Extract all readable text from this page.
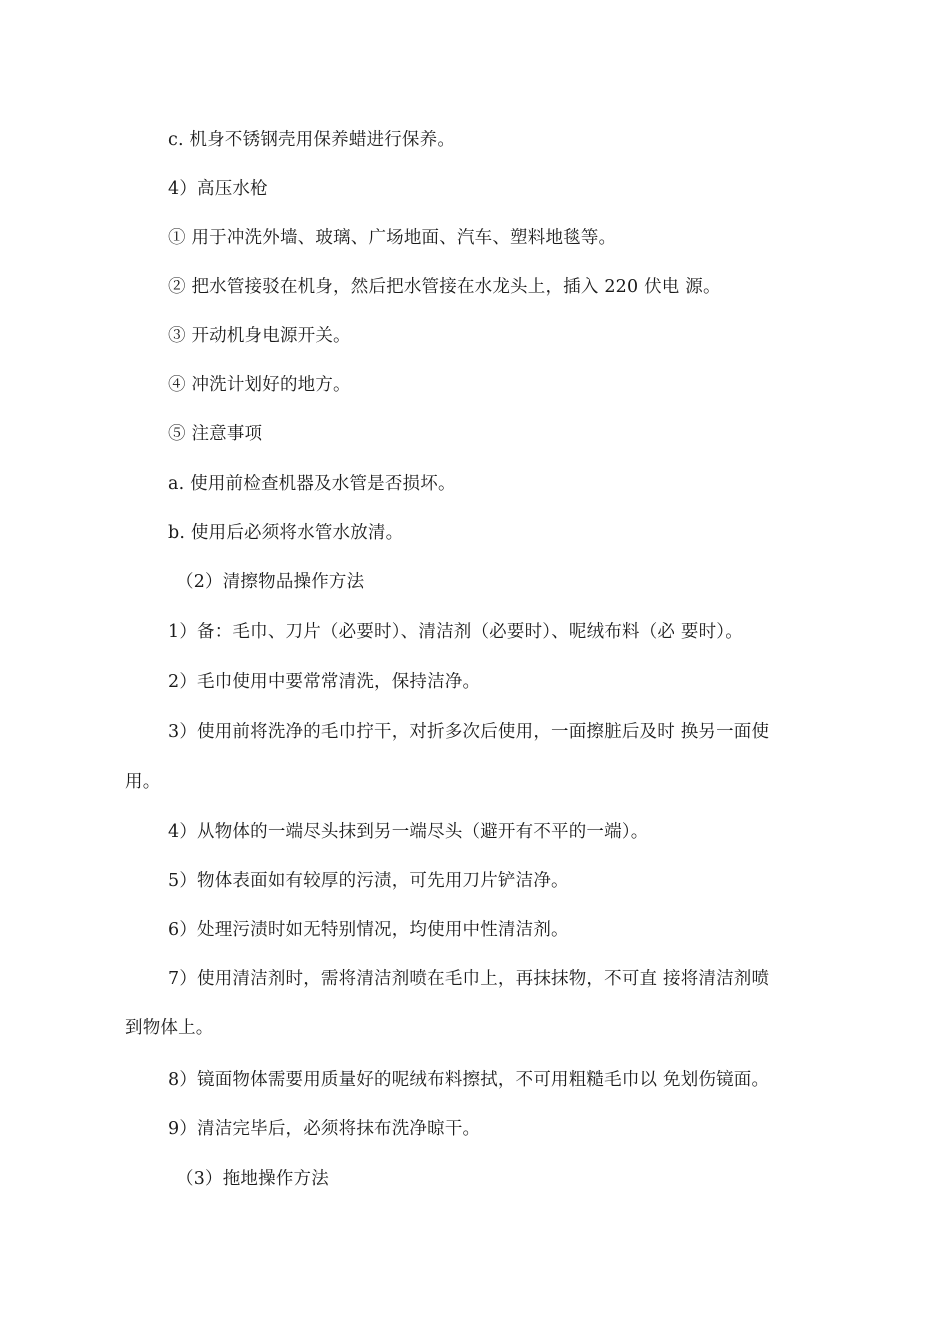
c. 机身不锈钢壳用保养蜡进行保养。
4）高压水枪
① 用于冲洗外墙、玻璃、广场地面、汽车、塑料地毯等。
② 把水管接驳在机身，然后把水管接在水龙头上，插入 220 伏电 源。
③ 开动机身电源开关。
④ 冲洗计划好的地方。
⑤ 注意事项
a. 使用前检查机器及水管是否损坏。
b. 使用后必须将水管水放清。
（2）清擦物品操作方法
1）备：毛巾、刀片（必要时）、清洁剂（必要时）、呢绒布料（必 要时）。
2）毛巾使用中要常常清洗，保持洁净。
3）使用前将洗净的毛巾拧干，对折多次后使用，一面擦脏后及时 换另一面使
用。
4）从物体的一端尽头抹到另一端尽头（避开有不平的一端）。
5）物体表面如有较厚的污渍，可先用刀片铲洁净。
6）处理污渍时如无特别情况，均使用中性清洁剂。
7）使用清洁剂时，需将清洁剂喷在毛巾上，再抹抹物，不可直 接将清洁剂喷
到物体上。
8）镜面物体需要用质量好的呢绒布料擦拭，不可用粗糙毛巾以 免划伤镜面。
9）清洁完毕后，必须将抹布洗净晾干。
（3）拖地操作方法
